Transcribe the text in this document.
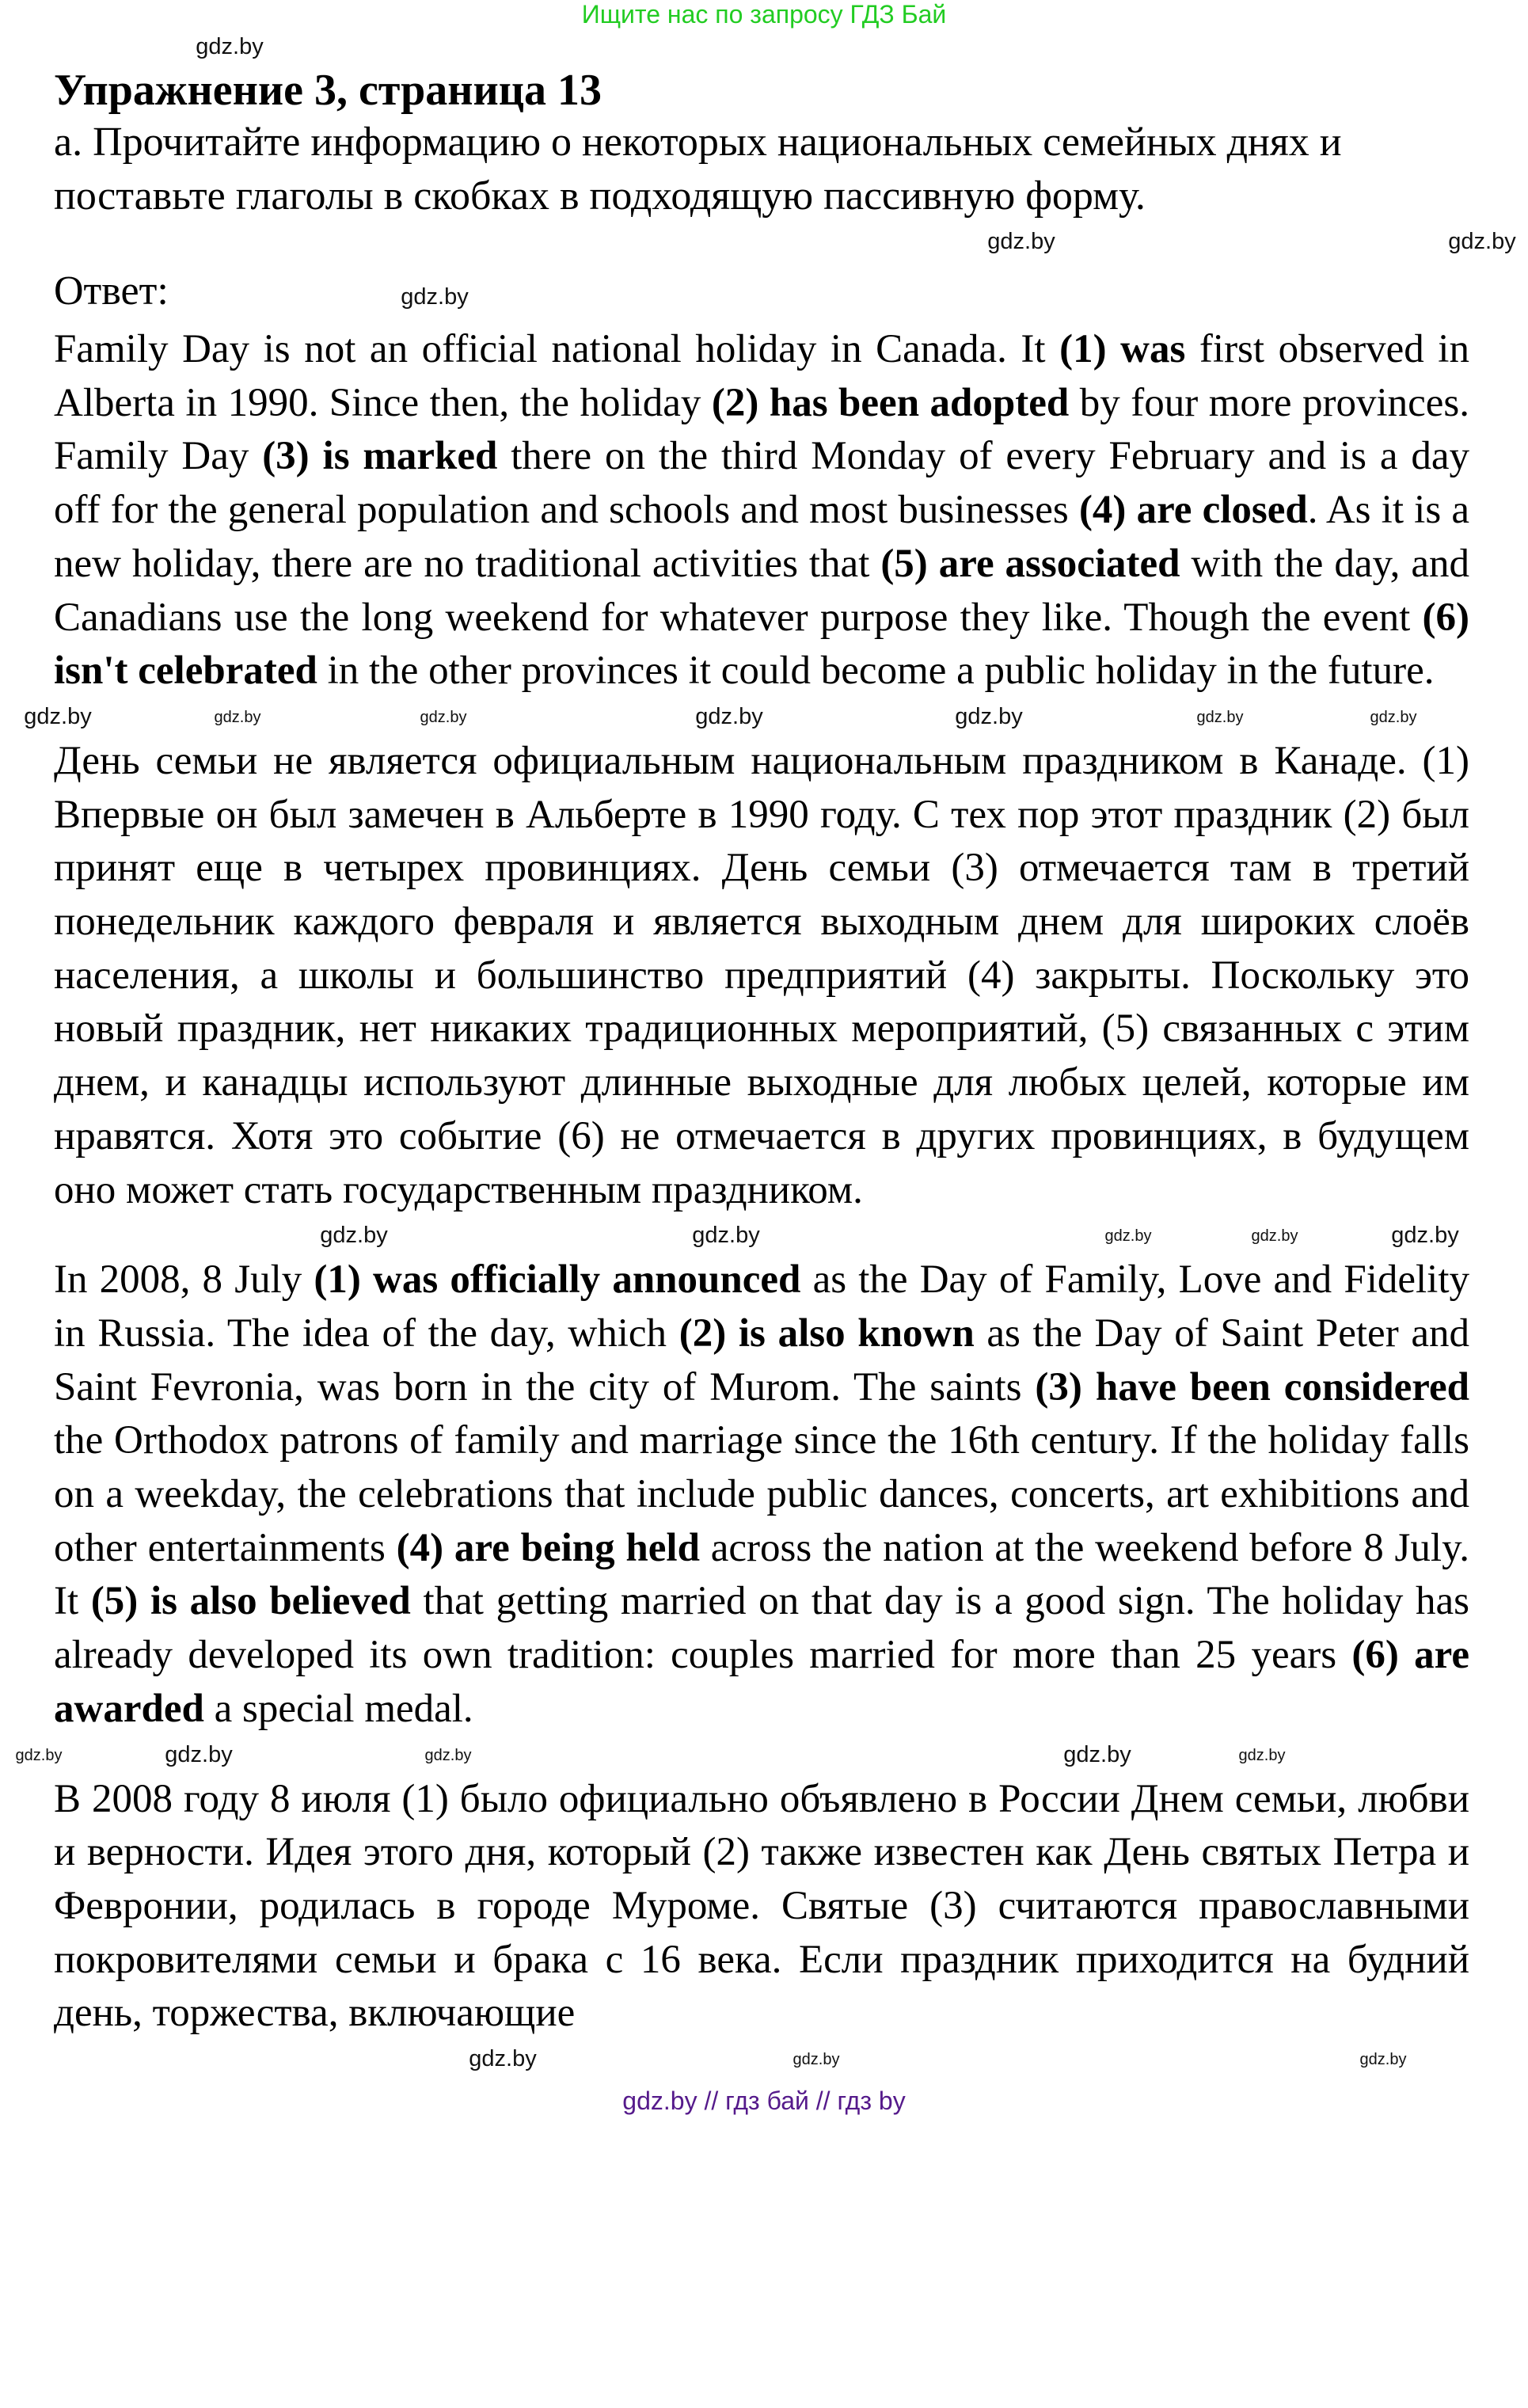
Ищите нас по запросу ГДЗ Бай
gdz.by
Упражнение 3, страница 13
a. Прочитайте информацию о некоторых национальных семейных днях и поставьте глаголы в скобках в подходящую пассивную форму.
gdz.by	gdz.by
Ответ:	gdz.by
Family Day is not an official national holiday in Canada. It (1) was first observed in Alberta in 1990. Since then, the holiday (2) has been adopted by four more provinces. Family Day (3) is marked there on the third Monday of every February and is a day off for the general population and schools and most businesses (4) are closed. As it is a new holiday, there are no traditional activities that (5) are associated with the day, and Canadians use the long weekend for whatever purpose they like. Though the event (6) isn't celebrated in the other provinces it could become a public holiday in the future.
gdz.by	gdz.by	gdz.by	gdz.by	gdz.by	gdz.by	gdz.by
День семьи не является официальным национальным праздником в Канаде. (1) Впервые он был замечен в Альберте в 1990 году. С тех пор этот праздник (2) был принят еще в четырех провинциях. День семьи (3) отмечается там в третий понедельник каждого февраля и является выходным днем для широких слоёв населения, а школы и большинство предприятий (4) закрыты. Поскольку это новый праздник, нет никаких традиционных мероприятий, (5) связанных с этим днем, и канадцы используют длинные выходные для любых целей, которые им нравятся. Хотя это событие (6) не отмечается в других провинциях, в будущем оно может стать государственным праздником.
gdz.by	gdz.by	gdz.by	gdz.by	gdz.by
In 2008, 8 July (1) was officially announced as the Day of Family, Love and Fidelity in Russia. The idea of the day, which (2) is also known as the Day of Saint Peter and Saint Fevronia, was born in the city of Murom. The saints (3) have been considered the Orthodox patrons of family and marriage since the 16th century. If the holiday falls on a weekday, the celebrations that include public dances, concerts, art exhibitions and other entertainments (4) are being held across the nation at the weekend before 8 July. It (5) is also believed that getting married on that day is a good sign. The holiday has already developed its own tradition: couples married for more than 25 years (6) are awarded a special medal.
gdz.by	gdz.by	gdz.by	gdz.by	gdz.by
В 2008 году 8 июля (1) было официально объявлено в России Днем семьи, любви и верности. Идея этого дня, который (2) также известен как День святых Петра и Февронии, родилась в городе Муроме. Святые (3) считаются православными покровителями семьи и брака с 16 века. Если праздник приходится на будний день, торжества, включающие
gdz.by	gdz.by	gdz.by
gdz.by // гдз бай // гдз by
